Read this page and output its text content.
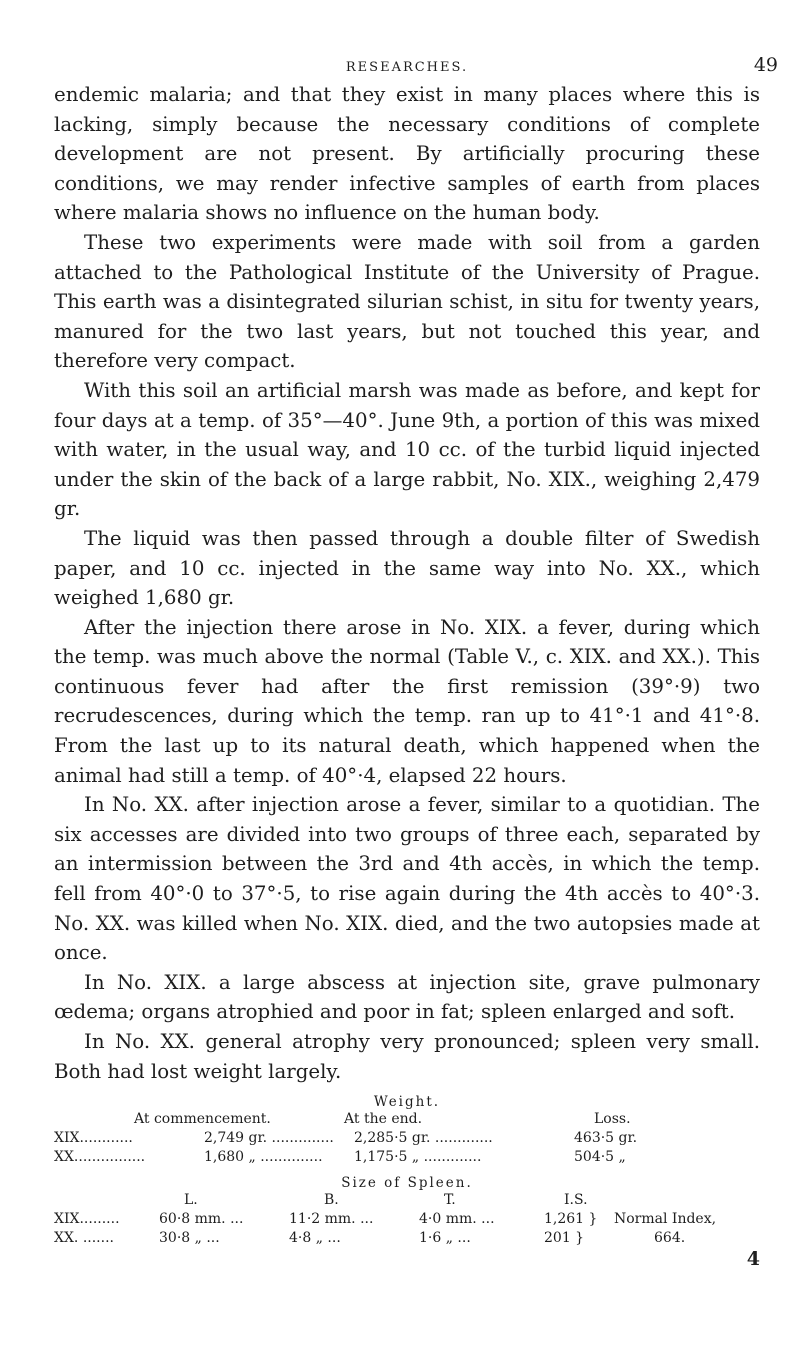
RESEARCHES.	49

endemic malaria; and that they exist in many places where this is lacking, simply because the necessary conditions of complete development are not present. By artificially procuring these conditions, we may render infective samples of earth from places where malaria shows no influence on the human body.

These two experiments were made with soil from a garden attached to the Pathological Institute of the University of Prague. This earth was a disintegrated silurian schist, in situ for twenty years, manured for the two last years, but not touched this year, and therefore very compact.

With this soil an artificial marsh was made as before, and kept for four days at a temp. of 35°—40°. June 9th, a portion of this was mixed with water, in the usual way, and 10 cc. of the turbid liquid injected under the skin of the back of a large rabbit, No. XIX., weighing 2,479 gr.

The liquid was then passed through a double filter of Swedish paper, and 10 cc. injected in the same way into No. XX., which weighed 1,680 gr.

After the injection there arose in No. XIX. a fever, during which the temp. was much above the normal (Table V., c. XIX. and XX.). This continuous fever had after the first remission (39°·9) two recrudescences, during which the temp. ran up to 41°·1 and 41°·8. From the last up to its natural death, which happened when the animal had still a temp. of 40°·4, elapsed 22 hours.

In No. XX. after injection arose a fever, similar to a quotidian. The six accesses are divided into two groups of three each, separated by an intermission between the 3rd and 4th accès, in which the temp. fell from 40°·0 to 37°·5, to rise again during the 4th accès to 40°·3. No. XX. was killed when No. XIX. died, and the two autopsies made at once.

In No. XIX. a large abscess at injection site, grave pulmonary œdema; organs atrophied and poor in fat; spleen enlarged and soft.

In No. XX. general atrophy very pronounced; spleen very small. Both had lost weight largely.

Weight.
At commencement.	At the end.	Loss.
XIX............	2,749 gr. .............. 2,285·5 gr. .............	463·5 gr.
XX................	1,680 „ .............. 1,175·5 „ .............	504·5 „
Size of Spleen.
L.	B.	T.	I.S.
XIX.........	60·8 mm. ...	11·2 mm. ...	4·0 mm. ...	1,261 } Normal Index,
XX. .......	30·8 „ ...	4·8 „ ...	1·6 „ ...	201 }	664.
4
